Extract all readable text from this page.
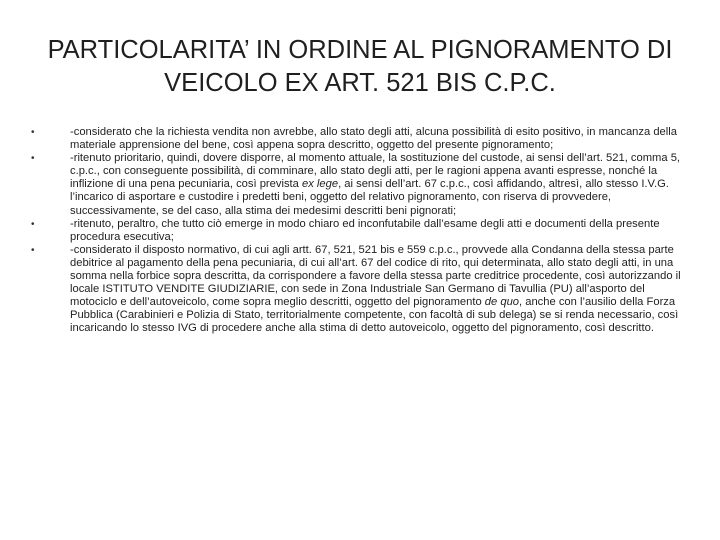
PARTICOLARITA’ IN ORDINE AL PIGNORAMENTO DI
VEICOLO EX ART. 521 BIS C.P.C.
•	-considerato che la richiesta vendita non avrebbe, allo stato degli atti, alcuna possibilità di esito positivo, in mancanza della materiale apprensione del bene, così appena sopra descritto, oggetto del presente pignoramento;
•	-ritenuto prioritario, quindi, dovere disporre, al momento attuale, la sostituzione del custode, ai sensi dell’art. 521, comma 5, c.p.c., con conseguente possibilità, di comminare, allo stato degli atti, per le ragioni appena avanti espresse, nonché la inflizione di una pena pecuniaria, così prevista ex lege, ai sensi dell’art. 67 c.p.c., così affidando, altresì, allo stesso I.V.G. l’incarico di asportare e custodire i predetti beni, oggetto del relativo pignoramento, con riserva di provvedere, successivamente, se del caso, alla stima dei medesimi descritti beni pignorati;
•	-ritenuto, peraltro, che tutto ciò emerge in modo chiaro ed inconfutabile dall’esame degli atti e documenti della presente procedura esecutiva;
•	-considerato il disposto normativo, di cui agli artt. 67, 521, 521 bis e 559 c.p.c., provvede alla Condanna della stessa parte debitrice al pagamento della pena pecuniaria, di cui all’art. 67 del codice di rito, qui determinata, allo stato degli atti, in una somma nella forbice sopra descritta, da corrispondere a favore della stessa parte creditrice procedente, così autorizzando il locale ISTITUTO VENDITE GIUDIZIARIE, con sede in Zona Industriale San Germano di Tavullia (PU) all’asporto del motociclo e dell’autoveicolo, come sopra meglio descritti, oggetto del pignoramento de quo, anche con l’ausilio della Forza Pubblica (Carabinieri e Polizia di Stato, territorialmente competente, con facoltà di sub delega) se si renda necessario, così incaricando lo stesso IVG di procedere anche alla stima di detto autoveicolo, oggetto del pignoramento, così descritto.
